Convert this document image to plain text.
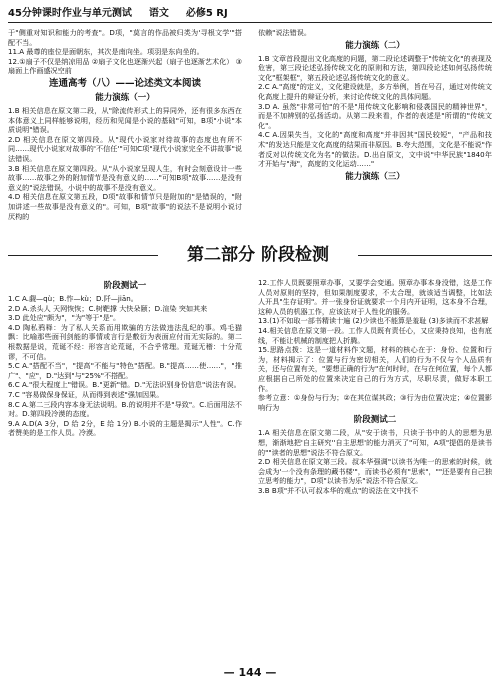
45分钟课时作业与单元测试 语文 必修5 RJ

于"侧重对知识和能力的考查"。D项，"莫言的作品被归类为'寻根文学'"搭配不当。

11.A 最尊的座位是面朝东，其次是南向坐。项羽是东向坐的。

12.①扇子不仅是纳凉用品 ②扇子文化也逐渐兴起（扇子也逐渐艺术化） ③扇面上作画盛况空前

连通高考（八）——论述类文本阅读
能力演练（一）

1.B 相关信息在原文第二段，从"除流传形式上的异同外，还有很多东西在本体意义上同样能够说明，经历和见闻是小说的基础"可知，B项"小说"本质说明"错误。

2.D 相关信息在原文第四段。从"现代小说家对待故事的态度也有所不同……现代小说家对故事的'不信任'"可知C项"现代小说家完全不讲故事"说法错误。

3.B 相关信息在原文第四段。从"从小说家呈现人生，有时会刻意设计一些故事……故事之外的附加情节是没有意义的……"可知B项"故事……是没有意义的"说法错误，小说中的故事不是没有意义。

4.D 相关信息在原文第五段，D项"故事和情节只是附加的"是错误的，"附加讲述一些故事是没有意义的"。可知，B项"故事"的说法不是说明小说讨厌构的

依赖"说法错误。

能力演练（二）

1.B 文章首段提出文化高度的问题，第二段论述调整于"传统文化"的表现及危害，第三段论述弘扬传统文化的原则和方法，第四段论述如何弘扬传统文化"框架框"，第五段论述弘扬传统文化的意义。

2.C A."高度"的定义，文化建设就是，多方举例，旨在号召，通过对传统文化高度上提升的辩证分析，来讨论传统文化的具体问题。

3.D A. 虽然"非常可怕"的不是"用传统文化影响和侵袭国民的精神世界"，而是不加辨别的弘扬活动。从第二段来看，作者的表述是"所谓的"传统文化"。

4.C A.因果失当，文化的"高度和高度"并非因其"国民较短"，"产品和技术"的发达只能是文化高度的结果而非原因。B.夸大范围，文化是不能说"作者反对以传统文化为名"的做法。D.出自原文，文中说"中华民族"1840年才开始与"海"，高度的文化运动……"

能力演练（三）
第二部分 阶段检测
阶段测试一

1.C A.觑—qù；B.怍—kù；D.阡—jiān。

2.D A.杀头人 天网恢恢；C.树靶撑 大快朵颐；D.渲染 突如其来

3.D 此处应"颇为"，"为"等于"是"。

4.D 陶私鸦释：为了私人关系而用欺骗的方法做违法乱纪的事。鸡毛猫飘：比喻那些面刊剑能的事情或言行是敷衍为表面应付而无实际的。第二根数据是说，荒诞不经：形容言论荒诞，不合乎常理。荒诞无稽：十分荒谬，不可信。

5.C A."搭配不当"，"提高"不能与"特色"搭配。B."提高……使……"，"推广"、"应"，D."达到"与"25%"不搭配。

6.C A."很大程度上"错误。B."更新"错。D."无法识别身份信息"说法有误。

7.C "容易做保身保证，从而得到表述"强加因果。

8.C A.第二三段内容本身无法说明。B.的说明并不是"导致"。C.后面用法不对。D.第四段冷漠的态度。

9.A A.D(A 3分，D 给 2分，E 给 1分) B.小说的主题是揭示"人性"。C.作者赞美的是工作人员。冷漠。

12.工作人员既要照章办事，又要学会变通。照章办事本身没错，这是工作人员对原则的坚持，但如果制度要求，不太合理，就该适当调整，比如法人开具"生存证明"。并一张身份证就要求一个月内开证明，这本身不合理，这种人员的机器工作，应该法对于人性化的服务。

13.(1)不如取一部书精读十遍 (2)少读也不能算是羞耻 (3)多读而不求甚解

14.相关信息在原文第一段。工作人员既有责任心，又应秉持良知，也有底线，不能让机械的制度把人折腾。

15.思路点拨：这是一道材料作文题，材料的核心在于：身份、位置和行为，材料揭示了：位置与行为密切相关，人们的行为不仅与个人品质有关，还与位置有关，"要想正确的行为"在何时时，在与在何位置，每个人都应根据自己所处的位置来决定自己的行为方式，尽职尽责，做好本职工作。

参考立意：①身份与行为；②在其位谋其政；③行为由位置决定；④位置影响行为

阶段测试二

1.A 相关信息在原文第二段，从"安于读书，只读于书中的人的思想为思想，渐渐地把'自主研究''自主思想'的能力消灭了"可知，A项"提倡的是读书的""读者的思想"说法不符合原文。

2.D 相关信息在原文第三段。叔本华强调"以读书为唯一的思索的时候，就会成为'一个没有条理的藏书楼'"，而读书必须有"思索"，""还是要有自己独立思考的能力"，D项"以读书为乐"说法不符合原文。

3.B B项"并不认可叔本华的观点"的说法在文中找不

— 144 —
